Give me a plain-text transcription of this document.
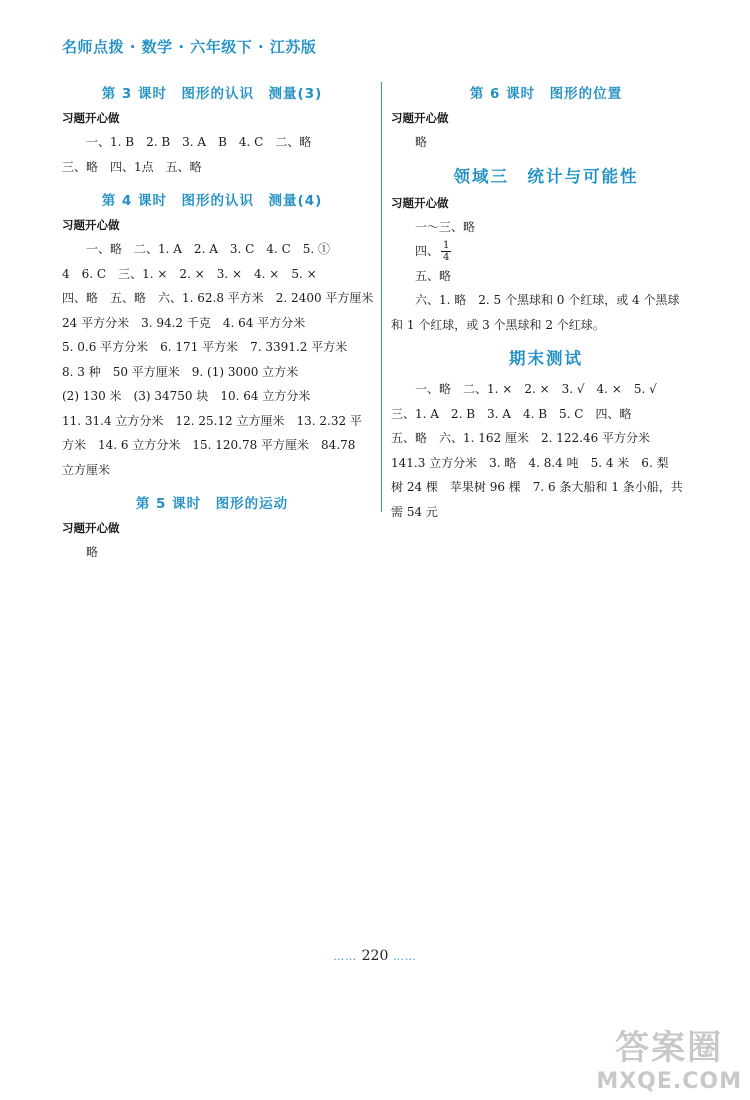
名师点拨 · 数学 · 六年级下 · 江苏版
第 3 课时　图形的认识　测量(3)
习题开心做

一、1. B　2. B　3. A　B　4. C　二、略

三、略　四、1点　五、略

第 4 课时　图形的认识　测量(4)
习题开心做

一、略　二、1. A　2. A　3. C　4. C　5. ①

4　6. C　三、1. ×　2. ×　3. ×　4. ×　5. ×

四、略　五、略　六、1. 62.8 平方米　2. 2400 平方厘米

24 平方分米　3. 94.2 千克　4. 64 平方分米

5. 0.6 平方分米　6. 171 平方米　7. 3391.2 平方米

8. 3 种　50 平方厘米　9. (1) 3000 立方米

(2) 130 米　(3) 34750 块　10. 64 立方分米

11. 31.4 立方分米　12. 25.12 立方厘米　13. 2.32 平

方米　14. 6 立方分米　15. 120.78 平方厘米　84.78

立方厘米

第 5 课时　图形的运动
习题开心做

略

第 6 课时　图形的位置
习题开心做

略

领域三　统计与可能性
习题开心做

一～三、略

四、 $\frac{1}{4}$

五、略

六、1. 略　2. 5 个黑球和 0 个红球，或 4 个黑球

和 1 个红球，或 3 个黑球和 2 个红球。

期末测试

一、略　二、1. ×　2. ×　3. √　4. ×　5. √

三、1. A　2. B　3. A　4. B　5. C　四、略

五、略　六、1. 162 厘米　2. 122.46 平方分米

141.3 立方分米　3. 略　4. 8.4 吨　5. 4 米　6. 梨

树 24 棵　苹果树 96 棵　7. 6 条大船和 1 条小船，共

需 54 元

…… 220 ……
答案圈
MXQE.COM
